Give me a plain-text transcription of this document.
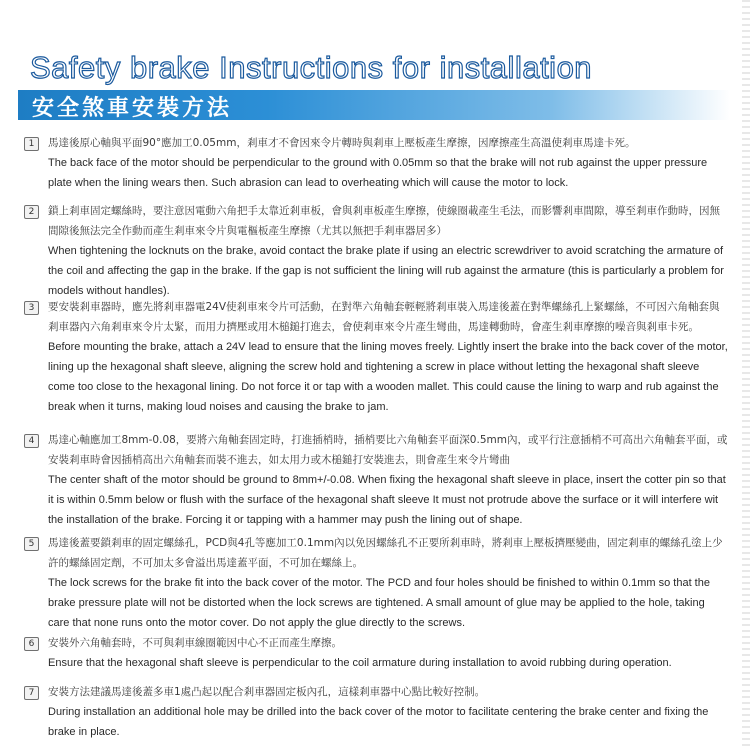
Safety brake Instructions for installation
安全煞車安裝方法
1	馬達後原心軸與平面90°應加工0.05mm，剎車才不會因來令片轉時與剎車上壓板產生摩擦，因摩擦產生高溫使剎車馬達卡死。
The back face of the motor should be perpendicular to the ground with 0.05mm so that the brake will not rub against the upper pressure plate when the lining wears then. Such abrasion can lead to overheating which will cause the motor to lock.
2	鎖上剎車固定螺絲時，要注意因電動六角把手太靠近剎車板，會與剎車板產生摩擦，使線圈載產生毛法，而影響剎車間隙，導至剎車作動時，因無間隙後無法完全作動而產生剎車來令片與電樞板產生摩擦（尤其以無把手剎車器居多）
When tightening the locknuts on the brake, avoid contact the brake plate if using an electric screwdriver to avoid scratching the armature of the coil and affecting the gap in the brake. If the gap is not sufficient the lining will rub against the armature (this is particularly a problem for models without handles).
3	要安裝剎車器時，應先將剎車器電24V使剎車來令片可活動，在對準六角軸套輕輕將剎車裝入馬達後蓋在對準螺絲孔上緊螺絲，不可因六角軸套與剎車器內六角剎車來令片太緊，而用力擠壓或用木槌鎚打進去，會使剎車來令片產生彎曲，馬達轉動時，會產生剎車摩擦的噪音與剎車卡死。
Before mounting the brake, attach a 24V lead to ensure that the lining moves freely. Lightly insert the brake into the back cover of the motor, lining up the hexagonal shaft sleeve, aligning the screw hold and tightening a screw in place without letting the hexagonal shaft sleeve come too close to the hexagonal lining. Do not force it or tap with a wooden mallet. This could cause the lining to warp and rub against the break when it turns, making loud noises and causing the brake to jam.
4	馬達心軸應加工8mm-0.08，要將六角軸套固定時，打進插梢時，插梢要比六角軸套平面深0.5mm內，或平行注意插梢不可高出六角軸套平面，或安裝剎車時會因插梢高出六角軸套而裝不進去，如太用力或木槌鎚打安裝進去，則會產生來令片彎曲
The center shaft of the motor should be ground to 8mm+/-0.08. When fixing the hexagonal shaft sleeve in place, insert the cotter pin so that it is within 0.5mm below or flush with the surface of the hexagonal shaft sleeve It must not protrude above the surface or it will interfere wit the installation of the brake. Forcing it or tapping with a hammer may push the lining out of shape.
5	馬達後蓋要鎖剎車的固定螺絲孔，PCD與4孔等應加工0.1mm內以免因螺絲孔不正要所剎車時，將剎車上壓板擠壓變曲，固定剎車的螺絲孔塗上少許的螺絲固定劑，不可加太多會溢出馬達蓋平面，不可加在螺絲上。
The lock screws for the brake fit into the back cover of the motor. The PCD and four holes should be finished to within 0.1mm so that the brake pressure plate will not be distorted when the lock screws are tightened. A small amount of glue may be applied to the hole, taking care that none runs onto the motor cover. Do not apply the glue directly to the screws.
6	安裝外六角軸套時，不可與剎車線圈範因中心不正而產生摩擦。
Ensure that the hexagonal shaft sleeve is perpendicular to the coil armature during installation to avoid rubbing during operation.
7	安裝方法建議馬達後蓋多車1處凸起以配合剎車器固定板內孔，這樣剎車器中心點比較好控制。
During installation an additional hole may be drilled into the back cover of the motor to facilitate centering the brake center and fixing the brake in place.
